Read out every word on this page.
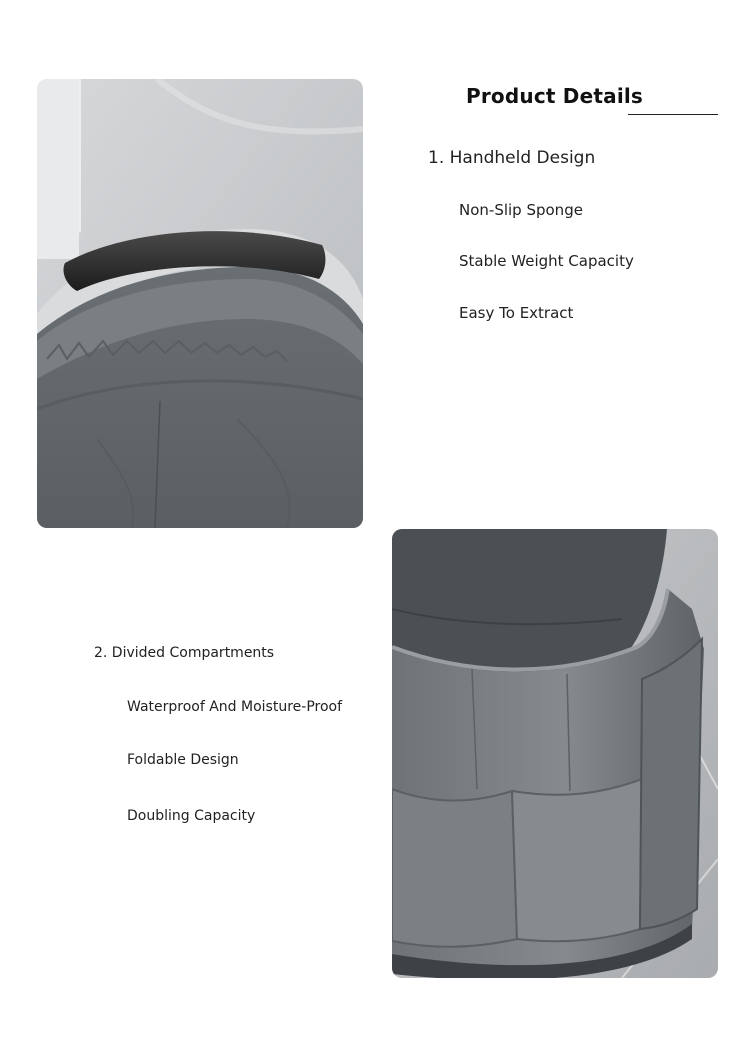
Product Details
1. Handheld Design
Non-Slip Sponge
Stable Weight Capacity
Easy To Extract
2. Divided Compartments
Waterproof And Moisture-Proof
Foldable Design
Doubling Capacity
